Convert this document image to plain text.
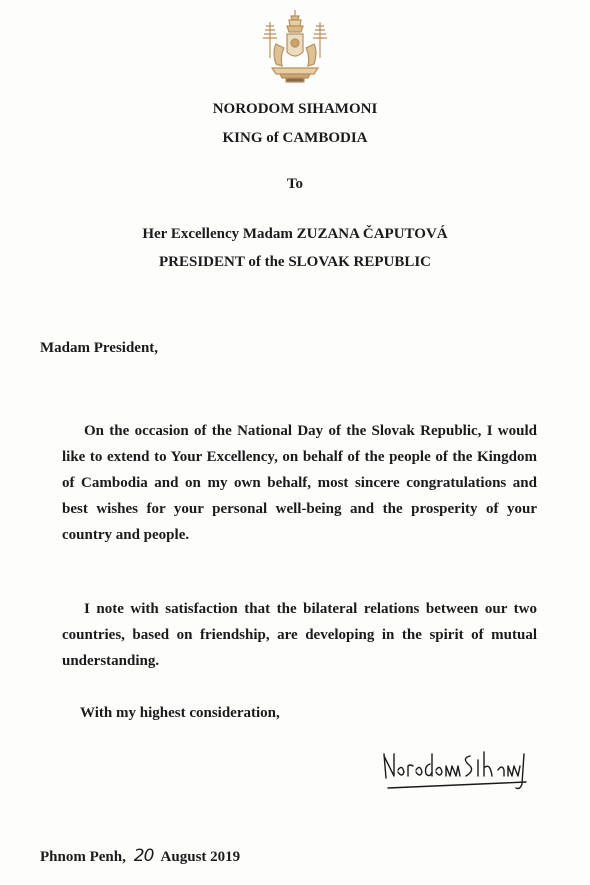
NORODOM SIHAMONI
KING of CAMBODIA
To
Her Excellency Madam ZUZANA ČAPUTOVÁ
PRESIDENT of the SLOVAK REPUBLIC
Madam President,
On the occasion of the National Day of the Slovak Republic, I would like to extend to Your Excellency, on behalf of the people of the Kingdom of Cambodia and on my own behalf, most sincere congratulations and best wishes for your personal well-being and the prosperity of your country and people.
I note with satisfaction that the bilateral relations between our two countries, based on friendship, are developing in the spirit of mutual understanding.
With my highest consideration,
Phnom Penh, 20 August 2019
